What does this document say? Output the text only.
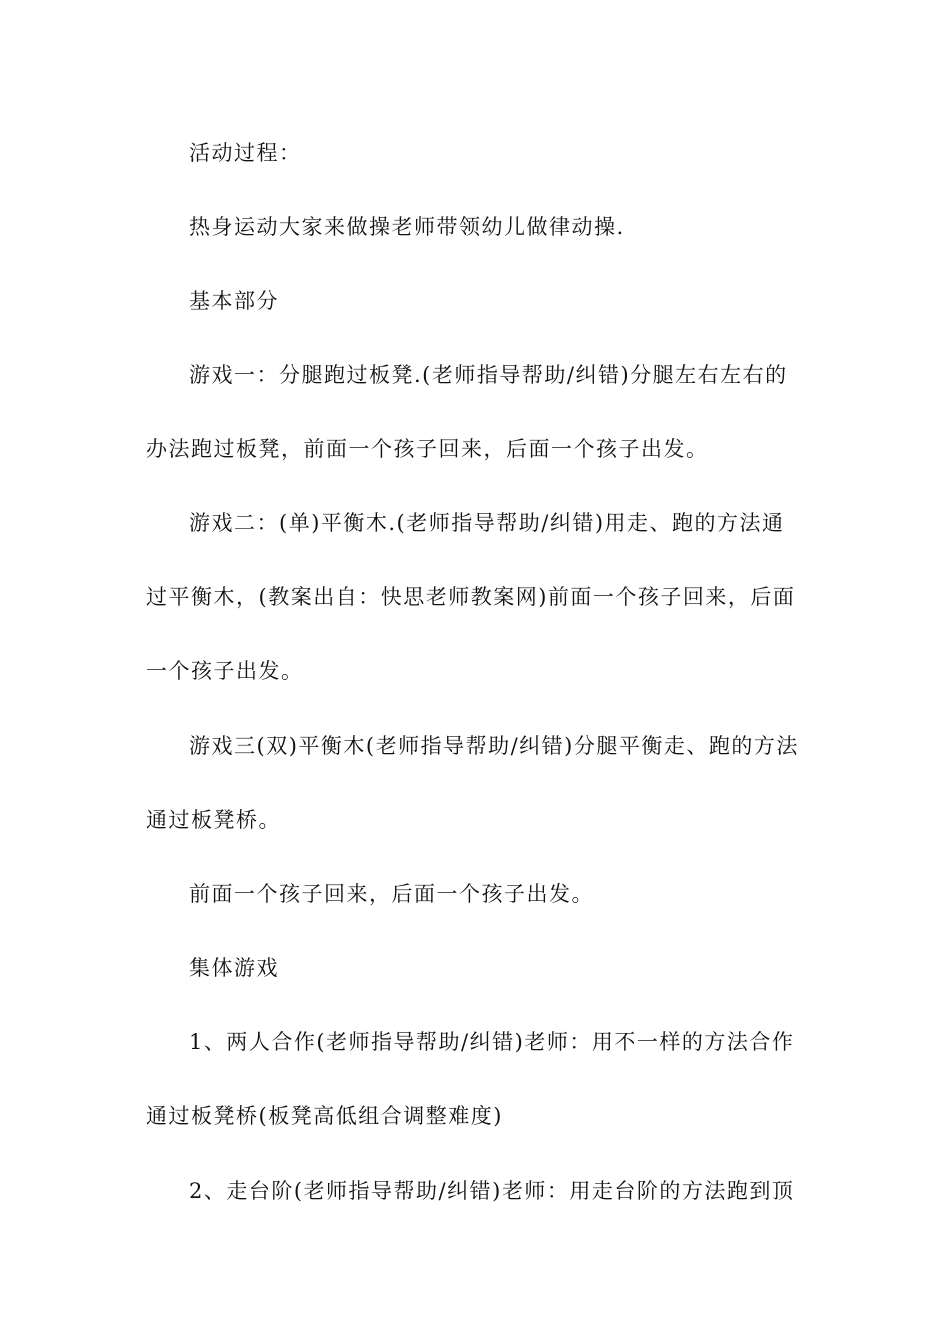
活动过程：
热身运动大家来做操老师带领幼儿做律动操.
基本部分
游戏一：分腿跑过板凳.(老师指导帮助/纠错)分腿左右左右的
办法跑过板凳，前面一个孩子回来，后面一个孩子出发。
游戏二：(单)平衡木.(老师指导帮助/纠错)用走、跑的方法通
过平衡木，(教案出自：快思老师教案网)前面一个孩子回来，后面
一个孩子出发。
游戏三(双)平衡木(老师指导帮助/纠错)分腿平衡走、跑的方法
通过板凳桥。
前面一个孩子回来，后面一个孩子出发。
集体游戏
1、两人合作(老师指导帮助/纠错)老师：用不一样的方法合作
通过板凳桥(板凳高低组合调整难度)
2、走台阶(老师指导帮助/纠错)老师：用走台阶的方法跑到顶
